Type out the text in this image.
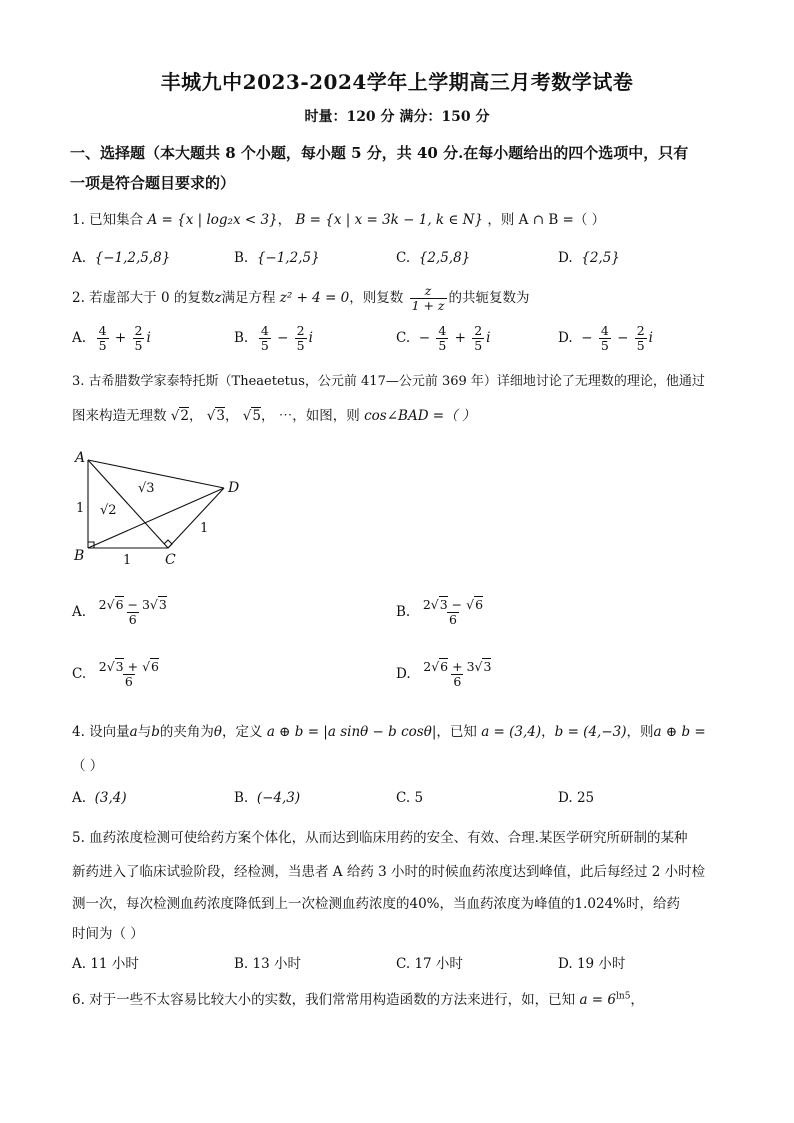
丰城九中2023-2024学年上学期高三月考数学试卷
时量：120 分 满分：150 分
一、选择题（本大题共 8 个小题，每小题 5 分，共 40 分.在每小题给出的四个选项中，只有
一项是符合题目要求的）
1. 已知集合 A = {x | log₂x < 3}， B = {x | x = 3k − 1, k ∈ N} ，则 A ∩ B =（ ）
A. {−1,2,5,8}	B. {−1,2,5}	C. {2,5,8}	D. {2,5}
2. 若虚部大于 0 的复数z满足方程 z² + 4 = 0，则复数 $\frac{z}{1 + z}$ 的共轭复数为
A. $\frac{4}{5} + \frac{2}{5}$ i	B. $\frac{4}{5} - \frac{2}{5}$ i	C. − $\frac{4}{5} + \frac{2}{5}$ i	D. − $\frac{4}{5} - \frac{2}{5}$ i
3. 古希腊数学家泰特托斯（Theaetetus，公元前 417—公元前 369 年）详细地讨论了无理数的理论，他通过
图来构造无理数 √2， √3， √5， ⋯，如图，则 cos∠BAD =（ ）
A
B	C
D
1
1
1
√2
√3
A. $\frac{2√6 - 3√3}{6}$	B. $\frac{2√3 - √6}{6}$
C. $\frac{2√3 + √6}{6}$	D. $\frac{2√6 + 3√3}{6}$
4. 设向量a与b的夹角为θ，定义 a ⊕ b = |a sinθ − b cosθ|，已知 a = (3,4)，b = (4,−3)，则a ⊕ b =
（ ）
A. (3,4)	B. (−4,3)	C. 5	D. 25
5. 血药浓度检测可使给药方案个体化，从而达到临床用药的安全、有效、合理.某医学研究所研制的某种
新药进入了临床试验阶段，经检测，当患者 A 给药 3 小时的时候血药浓度达到峰值，此后每经过 2 小时检
测一次，每次检测血药浓度降低到上一次检测血药浓度的40%，当血药浓度为峰值的1.024%时，给药
时间为（ ）
A. 11 小时	B. 13 小时	C. 17 小时	D. 19 小时
6. 对于一些不太容易比较大小的实数，我们常常用构造函数的方法来进行，如，已知 $a = 6^{ln5}$，
